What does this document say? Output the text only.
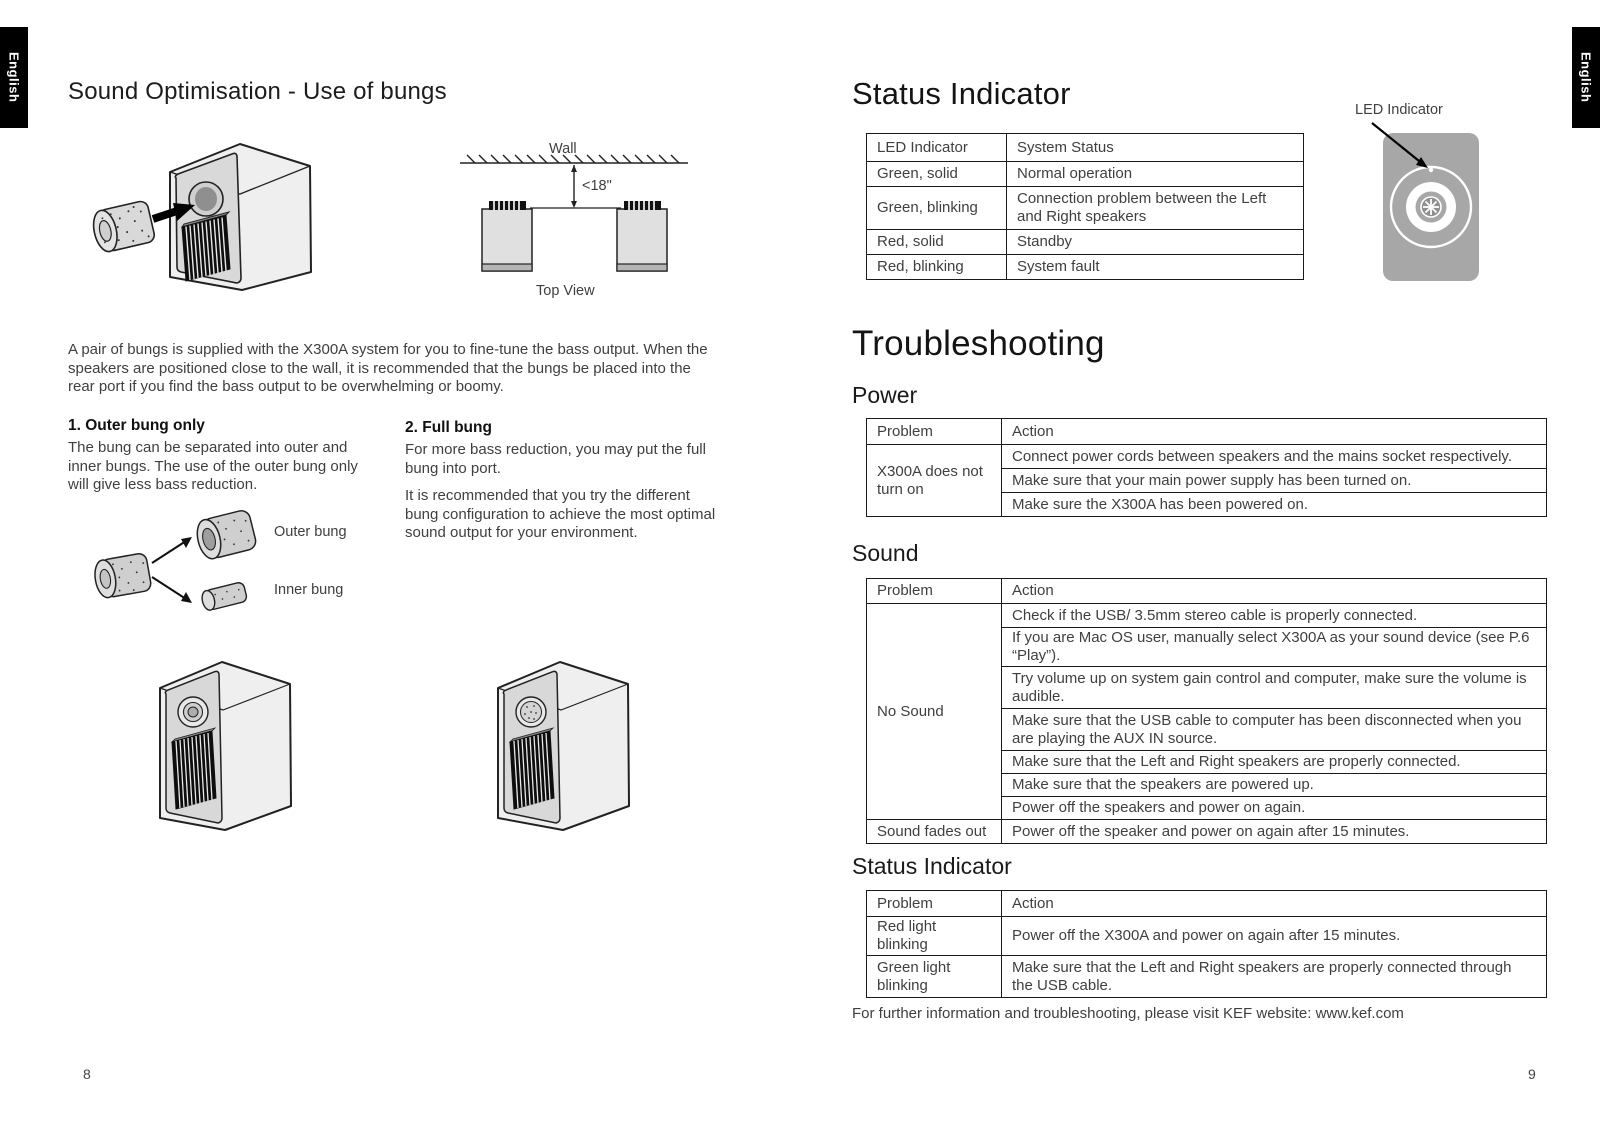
English	English
Sound Optimisation - Use of bungs
Wall
<18"
Top View
A pair of bungs is supplied with the X300A system for you to fine-tune the bass output. When the speakers are positioned close to the wall, it is recommended that the bungs be placed into the rear port if you find the bass output to be overwhelming or boomy.
1. Outer bung only
The bung can be separated into outer and inner bungs. The use of the outer bung only will give less bass reduction.
2. Full bung
For more bass reduction, you may put the full bung into port.
It is recommended that you try the different bung configuration to achieve the most optimal sound output for your environment.
Outer bung
Inner bung
8
Status Indicator	LED Indicator
LED Indicator	System Status
Green, solid	Normal operation
Green, blinking	Connection problem between the Left and Right speakers
Red, solid	Standby
Red, blinking	System fault
Troubleshooting
Power
Problem	Action
X300A does not turn on	Connect power cords between speakers and the mains socket respectively.
	Make sure that your main power supply has been turned on.
	Make sure the X300A has been powered on.
Sound
Problem	Action
No Sound	Check if the USB/ 3.5mm stereo cable is properly connected.
	If you are Mac OS user, manually select X300A as your sound device (see P.6 “Play”).
	Try volume up on system gain control and computer, make sure the volume is audible.
	Make sure that the USB cable to computer has been disconnected when you are playing the AUX IN source.
	Make sure that the Left and Right speakers are properly connected.
	Make sure that the speakers are powered up.
	Power off the speakers and power on again.
Sound fades out	Power off the speaker and power on again after 15 minutes.
Status Indicator
Problem	Action
Red light blinking	Power off the X300A and power on again after 15 minutes.
Green light blinking	Make sure that the Left and Right speakers are properly connected through the USB cable.
For further information and troubleshooting, please visit KEF website: www.kef.com
9
